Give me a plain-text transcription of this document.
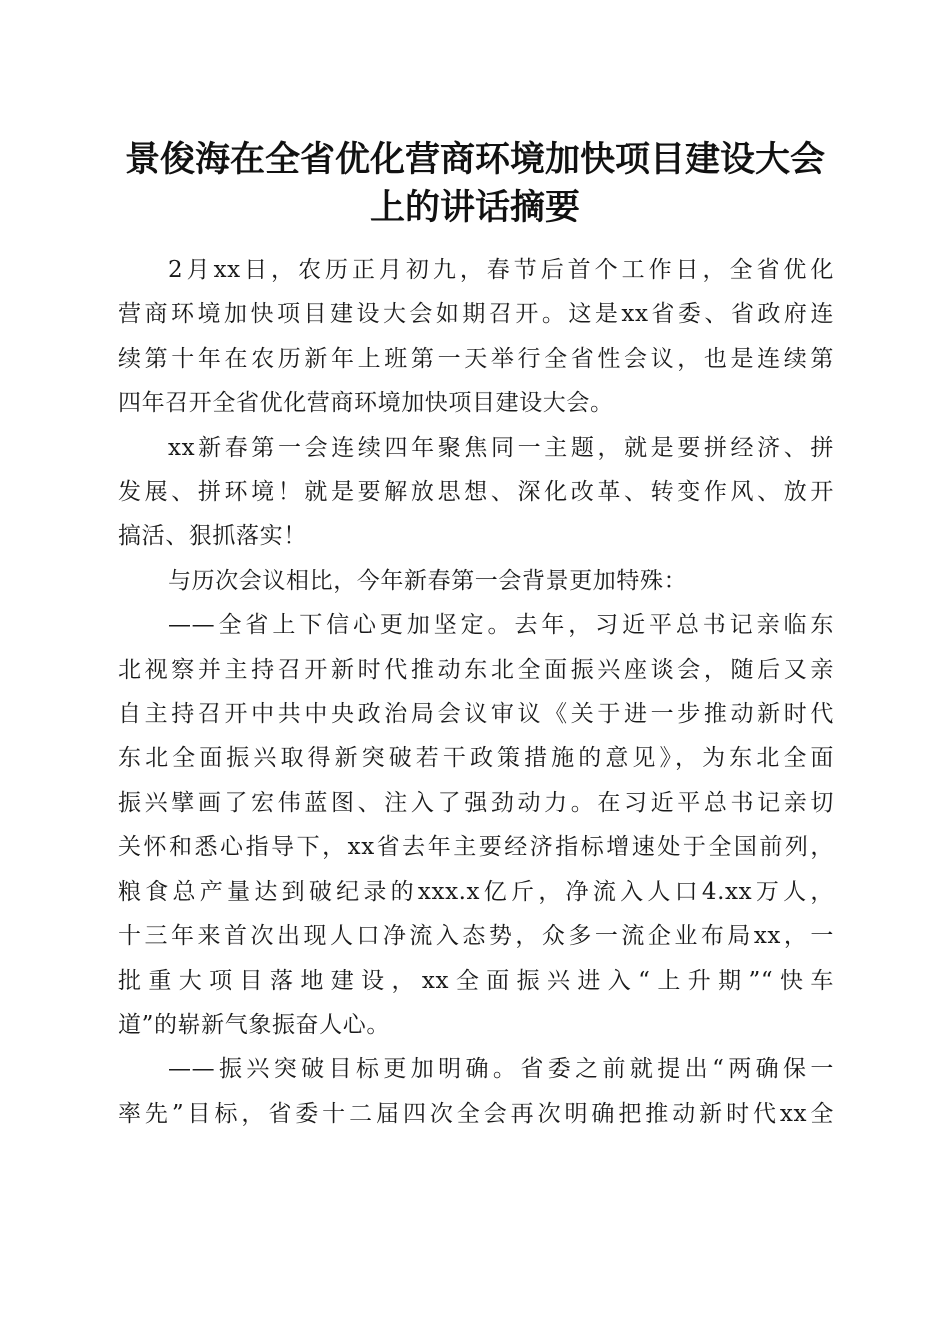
景俊海在全省优化营商环境加快项目建设大会
上的讲话摘要

2月xx日，农历正月初九，春节后首个工作日，全省优化
营商环境加快项目建设大会如期召开。这是xx省委、省政府连
续第十年在农历新年上班第一天举行全省性会议，也是连续第
四年召开全省优化营商环境加快项目建设大会。

xx新春第一会连续四年聚焦同一主题，就是要拼经济、拼
发展、拼环境！就是要解放思想、深化改革、转变作风、放开
搞活、狠抓落实！

与历次会议相比，今年新春第一会背景更加特殊：

——全省上下信心更加坚定。去年，习近平总书记亲临东
北视察并主持召开新时代推动东北全面振兴座谈会，随后又亲
自主持召开中共中央政治局会议审议《关于进一步推动新时代
东北全面振兴取得新突破若干政策措施的意见》，为东北全面
振兴擘画了宏伟蓝图、注入了强劲动力。在习近平总书记亲切
关怀和悉心指导下，xx省去年主要经济指标增速处于全国前列，
粮食总产量达到破纪录的xxx.x亿斤，净流入人口4.xx万人，
十三年来首次出现人口净流入态势，众多一流企业布局xx，一
批重大项目落地建设，xx全面振兴进入“上升期”“快车
道”的崭新气象振奋人心。

——振兴突破目标更加明确。省委之前就提出“两确保一
率先”目标，省委十二届四次全会再次明确把推动新时代xx全
